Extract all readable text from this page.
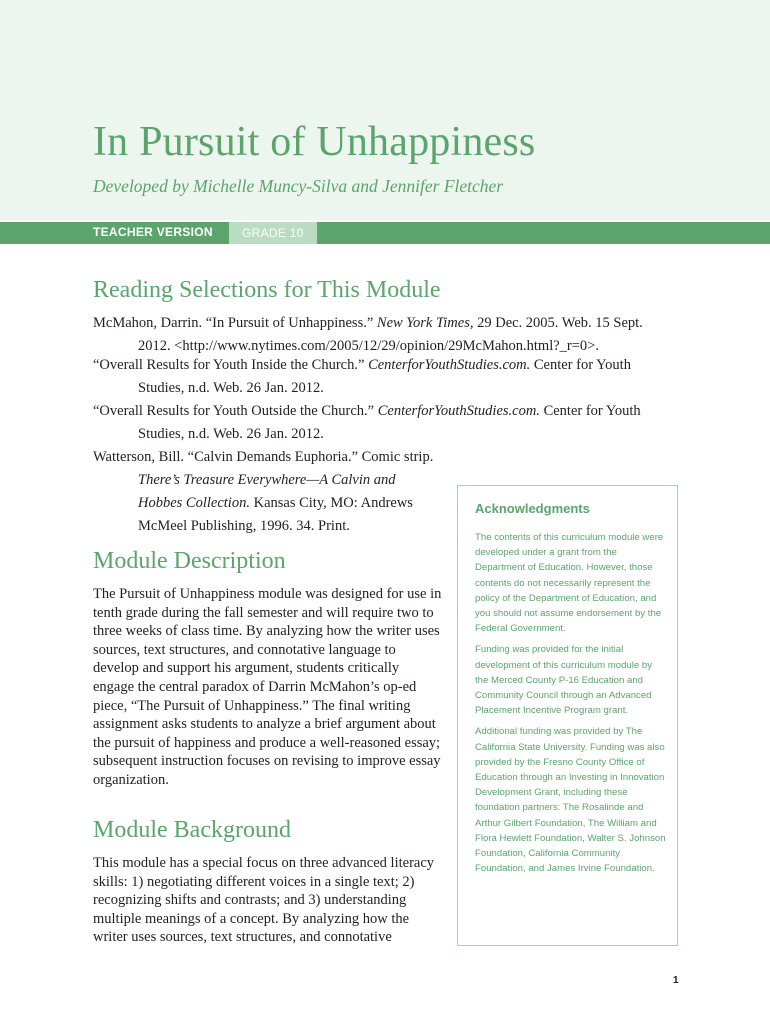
In Pursuit of Unhappiness
Developed by Michelle Muncy-Silva and Jennifer Fletcher
TEACHER VERSION	GRADE 10
Reading Selections for This Module
McMahon, Darrin. “In Pursuit of Unhappiness.” New York Times, 29 Dec. 2005. Web. 15 Sept. 2012. <http://www.nytimes.com/2005/12/29/opinion/29McMahon.html?_r=0>.
“Overall Results for Youth Inside the Church.” CenterforYouthStudies.com. Center for Youth Studies, n.d. Web. 26 Jan. 2012.
“Overall Results for Youth Outside the Church.” CenterforYouthStudies.com. Center for Youth Studies, n.d. Web. 26 Jan. 2012.
Watterson, Bill. “Calvin Demands Euphoria.” Comic strip. There’s Treasure Everywhere—A Calvin and Hobbes Collection. Kansas City, MO: Andrews McMeel Publishing, 1996. 34. Print.
Module Description
The Pursuit of Unhappiness module was designed for use in tenth grade during the fall semester and will require two to three weeks of class time. By analyzing how the writer uses sources, text structures, and connotative language to develop and support his argument, students critically engage the central paradox of Darrin McMahon’s op-ed piece, “The Pursuit of Unhappiness.” The final writing assignment asks students to analyze a brief argument about the pursuit of happiness and produce a well-reasoned essay; subsequent instruction focuses on revising to improve essay organization.
Module Background
This module has a special focus on three advanced literacy skills: 1) negotiating different voices in a single text; 2) recognizing shifts and contrasts; and 3) understanding multiple meanings of a concept. By analyzing how the writer uses sources, text structures, and connotative
Acknowledgments
The contents of this curriculum module were developed under a grant from the Department of Education. However, those contents do not necessarily represent the policy of the Department of Education, and you should not assume endorsement by the Federal Government.
Funding was provided for the initial development of this curriculum module by the Merced County P-16 Education and Community Council through an Advanced Placement Incentive Program grant.
Additional funding was provided by The California State University. Funding was also provided by the Fresno County Office of Education through an Investing in Innovation Development Grant, including these foundation partners: The Rosalinde and Arthur Gilbert Foundation, The William and Flora Hewlett Foundation, Walter S. Johnson Foundation, California Community Foundation, and James Irvine Foundation.
1
